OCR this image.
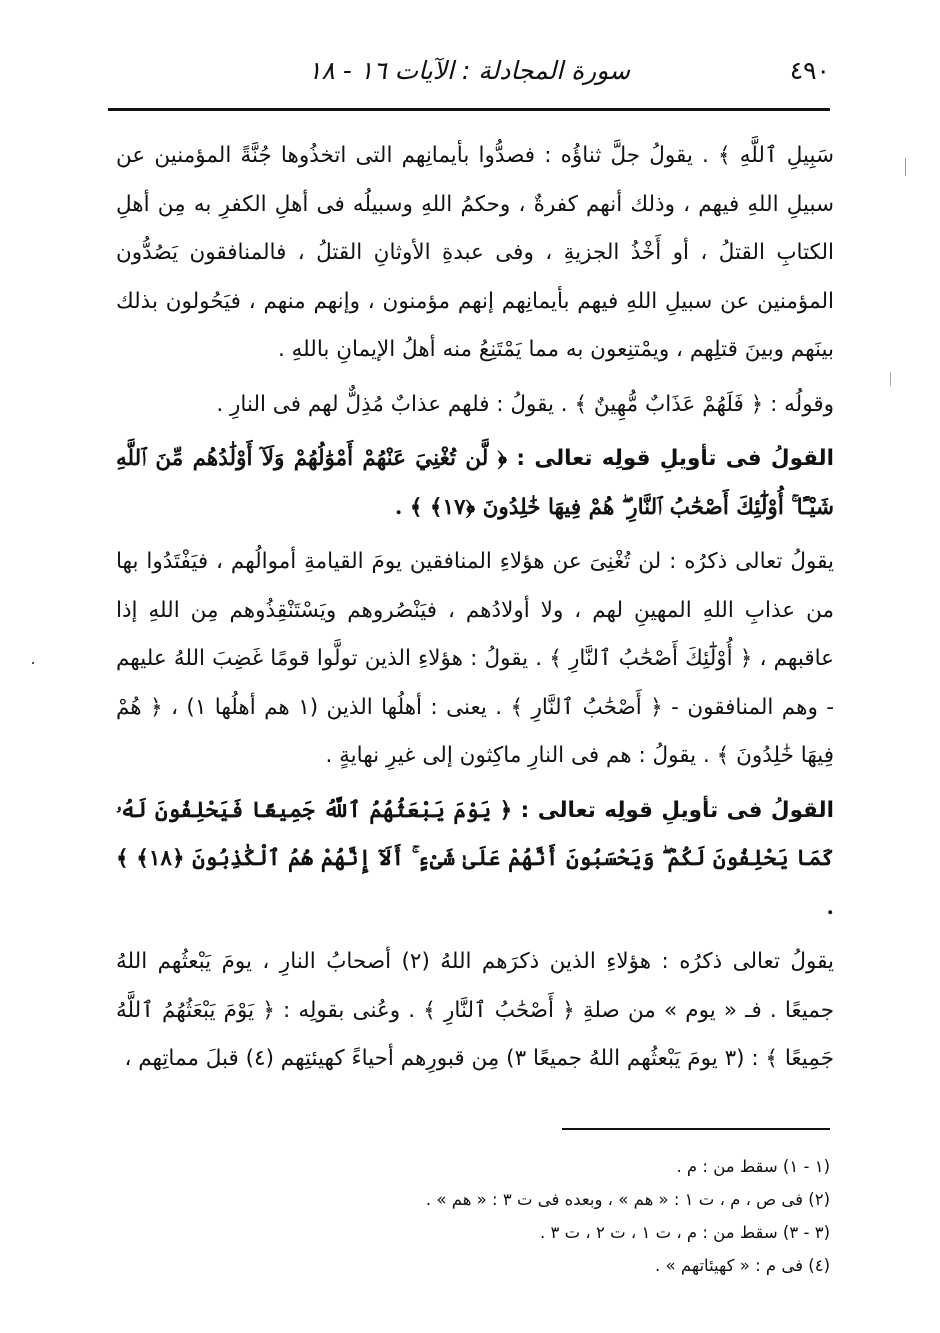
٤٩٠
سورة المجادلة : الآيات ١٦ - ١٨

سَبِيلِ ٱللَّهِ ﴾ . يقولُ جلَّ ثناؤُه : فصدُّوا بأيمانِهم التى اتخذُوها جُنَّةً المؤمنين عن سبيلِ اللهِ فيهم ، وذلك أنهم كفرةٌ ، وحكمُ اللهِ وسبيلُه فى أهلِ الكفرِ به مِن أهلِ الكتابِ القتلُ ، أو أَخْذُ الجزيةِ ، وفى عبدةِ الأوثانِ القتلُ ، فالمنافقون يَصُدُّون المؤمنين عن سبيلِ اللهِ فيهم بأيمانِهم إنهم مؤمنون ، وإنهم منهم ، فيَحُولون بذلك بينَهم وبينَ قتلِهم ، ويمْتنِعون به مما يَمْتَنِعُ منه أهلُ الإيمانِ باللهِ .

وقولُه : ﴿ فَلَهُمْ عَذَابٌ مُّهِينٌ ﴾ . يقولُ : فلهم عذابٌ مُذِلٌّ لهم فى النارِ .

القولُ فى تأويلِ قولِه تعالى : ﴿ لَّن تُغْنِيَ عَنْهُمْ أَمْوَٰلُهُمْ وَلَآ أَوْلَٰدُهُم مِّنَ ٱللَّهِ شَيْـًٔا ۚ أُوْلَٰٓئِكَ أَصْحَٰبُ ٱلنَّارِ ۖ هُمْ فِيهَا خَٰلِدُونَ ﴿١٧﴾ ﴾ .

يقولُ تعالى ذكرُه : لن تُغْنِىَ عن هؤلاءِ المنافقين يومَ القيامةِ أموالُهم ، فيَفْتَدُوا بها من عذابِ اللهِ المهينِ لهم ، ولا أولادُهم ، فيَنْصُروهم ويَسْتَنْقِذُوهم مِن اللهِ إذا عاقبهم ، ﴿ أُوْلَٰٓئِكَ أَصْحَٰبُ ٱلنَّارِ ﴾ . يقولُ : هؤلاءِ الذين تولَّوا قومًا غَضِبَ اللهُ عليهم - وهم المنافقون - ﴿ أَصْحَٰبُ ٱلنَّارِ ﴾ . يعنى : أهلُها الذين (١ هم أهلُها ١) ، ﴿ هُمْ فِيهَا خَٰلِدُونَ ﴾ . يقولُ : هم فى النارِ ماكِثون إلى غيرِ نهايةٍ .

القولُ فى تأويلِ قولِه تعالى : ﴿ يَوْمَ يَبْعَثُهُمُ ٱللَّهُ جَمِيعًا فَيَحْلِفُونَ لَهُۥ كَمَا يَحْلِفُونَ لَكُمْ ۖ وَيَحْسَبُونَ أَنَّهُمْ عَلَىٰ شَىْءٍ ۚ أَلَآ إِنَّهُمْ هُمُ ٱلْكَٰذِبُونَ ﴿١٨﴾ ﴾ .

يقولُ تعالى ذكرُه : هؤلاءِ الذين ذكرَهم اللهُ (٢) أصحابُ النارِ ، يومَ يَبْعثُهم اللهُ جميعًا . فـ « يوم » من صلةِ ﴿ أَصْحَٰبُ ٱلنَّارِ ﴾ . وعُنى بقولِه : ﴿ يَوْمَ يَبْعَثُهُمُ ٱللَّهُ جَمِيعًا ﴾ : (٣ يومَ يَبْعثُهم اللهُ جميعًا ٣) مِن قبورِهم أحياءً كهيئتِهم (٤) قبلَ مماتِهم ،

(١ - ١) سقط من : م .

(٢) فى ص ، م ، ت ١ : « هم » ، وبعده فى ت ٣ : « هم » .

(٣ - ٣) سقط من : م ، ت ١ ، ت ٢ ، ت ٣ .

(٤) فى م : « كهيئاتهم » .
